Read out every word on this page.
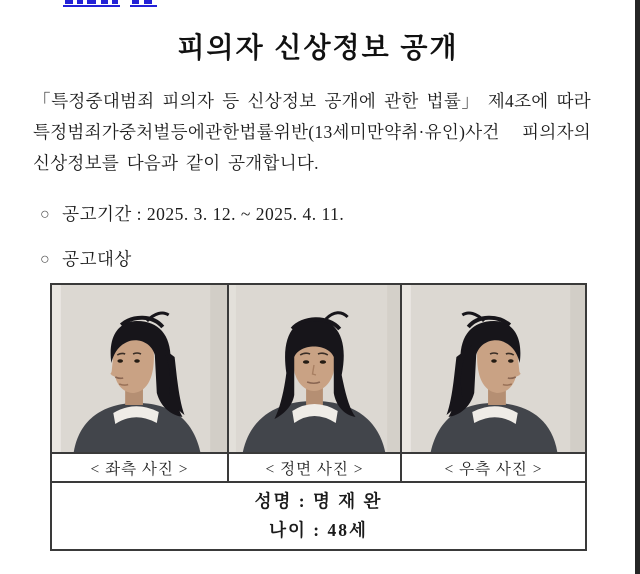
피의자 신상정보 공개
「특정중대범죄 피의자 등 신상정보 공개에 관한 법률」 제4조에 따라
특정범죄가중처벌등에관한법률위반(13세미만약취·유인)사건 피의자의
신상정보를 다음과 같이 공개합니다.
○ 공고기간 : 2025. 3. 12. ~ 2025. 4. 11.
○ 공고대상

< 좌측 사진 >	< 정면 사진 >	< 우측 사진 >

성명 : 명 재 완
나이 : 48세		
